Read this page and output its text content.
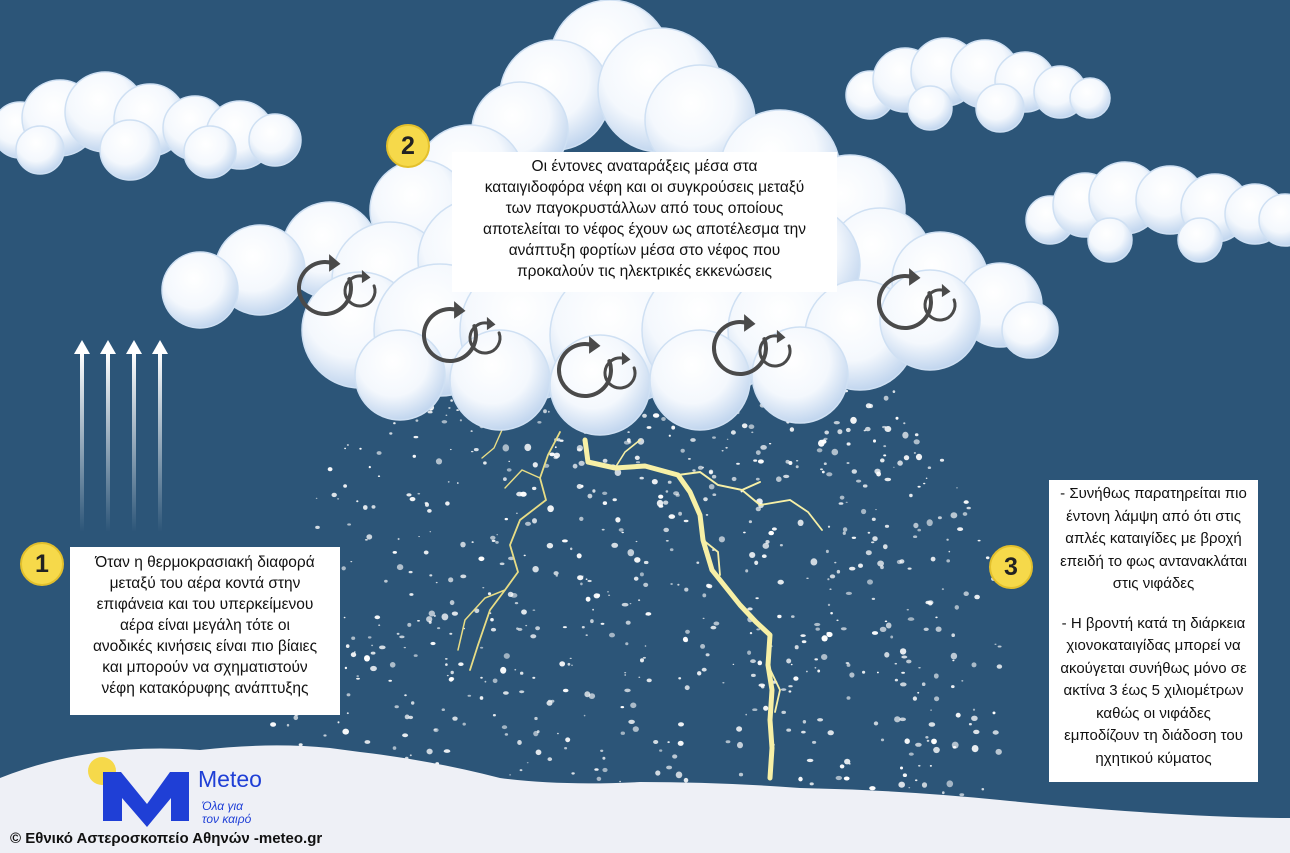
Όταν η θερμοκρασιακή διαφορά
μεταξύ του αέρα κοντά στην
επιφάνεια και του υπερκείμενου
αέρα είναι μεγάλη τότε οι
ανοδικές κινήσεις είναι πιο βίαιες
και μπορούν να σχηματιστούν
νέφη κατακόρυφης ανάπτυξης
Οι έντονες αναταράξεις μέσα στα
καταιγιδοφόρα νέφη και οι συγκρούσεις μεταξύ
των παγοκρυστάλλων από τους οποίους
αποτελείται το νέφος έχουν ως αποτέλεσμα την
ανάπτυξη φορτίων μέσα στο νέφος που
προκαλούν τις ηλεκτρικές εκκενώσεις
- Συνήθως παρατηρείται πιο
έντονη λάμψη από ότι στις
απλές καταιγίδες με βροχή
επειδή το φως αντανακλάται
στις νιφάδες
- Η βροντή κατά τη διάρκεια
χιονοκαταιγίδας μπορεί να
ακούγεται συνήθως μόνο σε
ακτίνα 3 έως 5 χιλιομέτρων
καθώς οι νιφάδες
εμποδίζουν τη διάδοση του
ηχητικού κύματος
1
2
3
Meteo
Όλα για
τον καιρό
© Εθνικό Αστεροσκοπείο Αθηνών -meteo.gr
